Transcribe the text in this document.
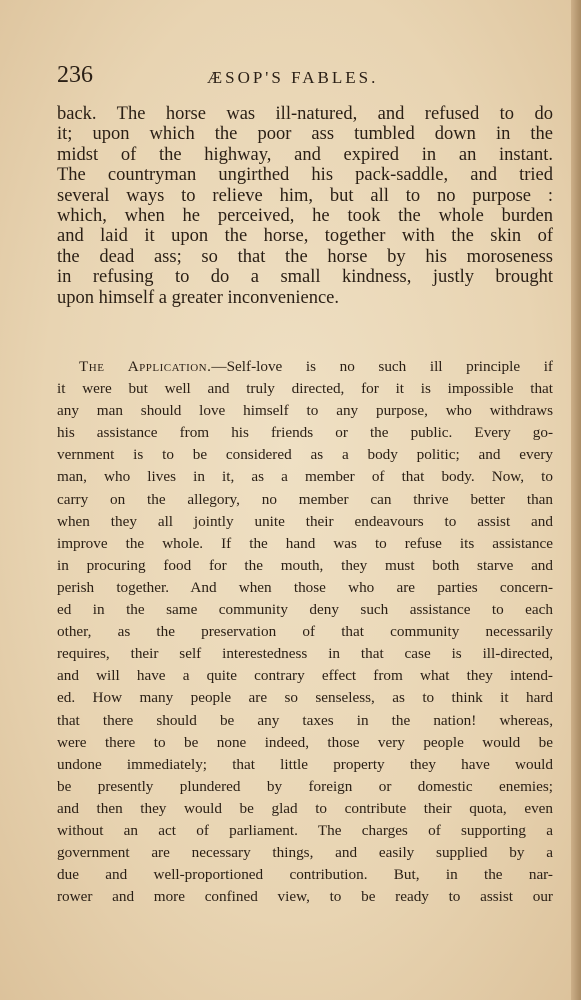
236	ÆSOP'S FABLES.
back. The horse was ill-natured, and refused to do
it; upon which the poor ass tumbled down in the
midst of the highway, and expired in an instant.
The countryman ungirthed his pack-saddle, and tried
several ways to relieve him, but all to no purpose :
which, when he perceived, he took the whole burden
and laid it upon the horse, together with the skin of
the dead ass; so that the horse by his moroseness
in refusing to do a small kindness, justly brought
upon himself a greater inconvenience.
The Application.—Self-love is no such ill principle if
it were but well and truly directed, for it is impossible that
any man should love himself to any purpose, who withdraws
his assistance from his friends or the public. Every go-
vernment is to be considered as a body politic; and every
man, who lives in it, as a member of that body. Now, to
carry on the allegory, no member can thrive better than
when they all jointly unite their endeavours to assist and
improve the whole. If the hand was to refuse its assistance
in procuring food for the mouth, they must both starve and
perish together. And when those who are parties concern-
ed in the same community deny such assistance to each
other, as the preservation of that community necessarily
requires, their self interestedness in that case is ill-directed,
and will have a quite contrary effect from what they intend-
ed. How many people are so senseless, as to think it hard
that there should be any taxes in the nation! whereas,
were there to be none indeed, those very people would be
undone immediately; that little property they have would
be presently plundered by foreign or domestic enemies;
and then they would be glad to contribute their quota, even
without an act of parliament. The charges of supporting a
government are necessary things, and easily supplied by a
due and well-proportioned contribution. But, in the nar-
rower and more confined view, to be ready to assist our
